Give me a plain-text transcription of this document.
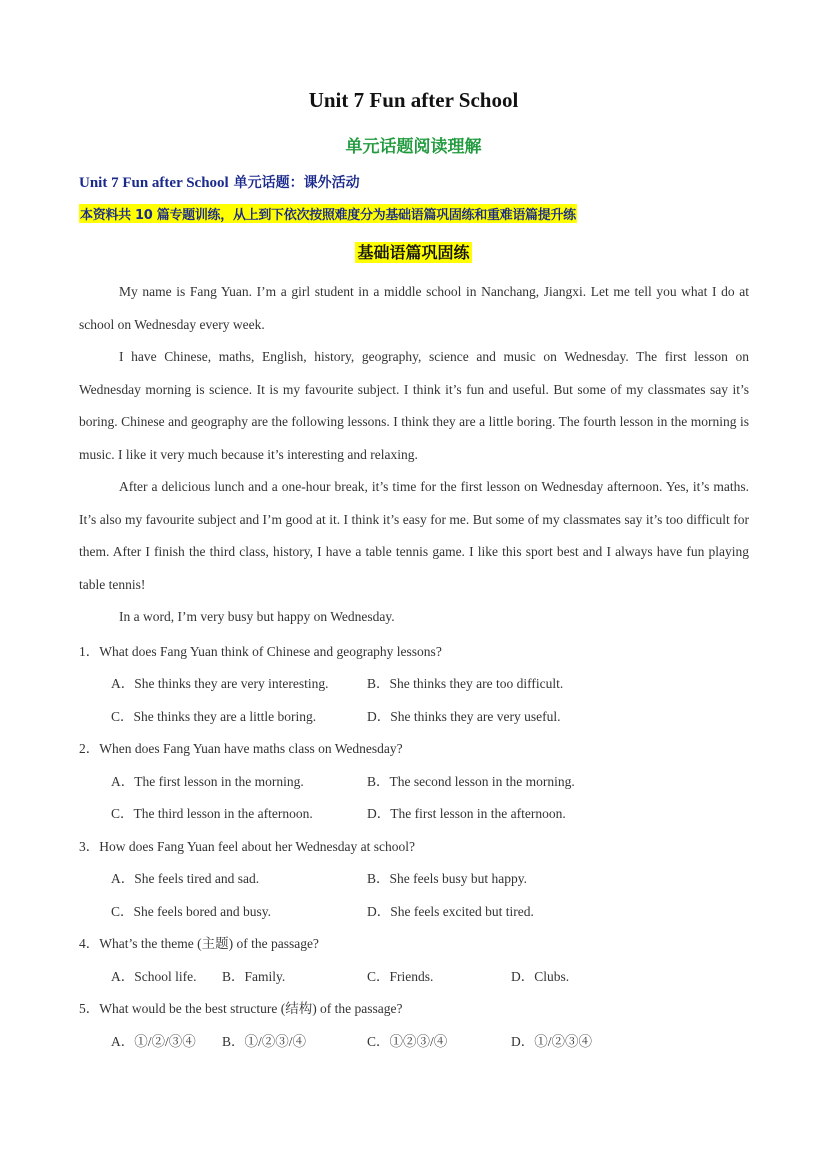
Unit 7 Fun after School
单元话题阅读理解
Unit 7 Fun after School 单元话题：课外活动
本资料共 10 篇专题训练，从上到下依次按照难度分为基础语篇巩固练和重难语篇提升练
基础语篇巩固练
My name is Fang Yuan. I’m a girl student in a middle school in Nanchang, Jiangxi. Let me tell you what I do at school on Wednesday every week.
I have Chinese, maths, English, history, geography, science and music on Wednesday. The first lesson on Wednesday morning is science. It is my favourite subject. I think it’s fun and useful. But some of my classmates say it’s boring. Chinese and geography are the following lessons. I think they are a little boring. The fourth lesson in the morning is music. I like it very much because it’s interesting and relaxing.
After a delicious lunch and a one-hour break, it’s time for the first lesson on Wednesday afternoon. Yes, it’s maths. It’s also my favourite subject and I’m good at it. I think it’s easy for me. But some of my classmates say it’s too difficult for them. After I finish the third class, history, I have a table tennis game. I like this sport best and I always have fun playing table tennis!
In a word, I’m very busy but happy on Wednesday.
1．What does Fang Yuan think of Chinese and geography lessons?
A．She thinks they are very interesting.	B．She thinks they are too difficult.
C．She thinks they are a little boring.	D．She thinks they are very useful.
2．When does Fang Yuan have maths class on Wednesday?
A．The first lesson in the morning.	B．The second lesson in the morning.
C．The third lesson in the afternoon.	D．The first lesson in the afternoon.
3．How does Fang Yuan feel about her Wednesday at school?
A．She feels tired and sad.	B．She feels busy but happy.
C．She feels bored and busy.	D．She feels excited but tired.
4．What’s the theme (主题) of the passage?
A．School life. B．Family.	C．Friends.	D．Clubs.
5．What would be the best structure (结构) of the passage?
A．①/②/③④ B．①/②③/④	C．①②③/④	D．①/②③④
